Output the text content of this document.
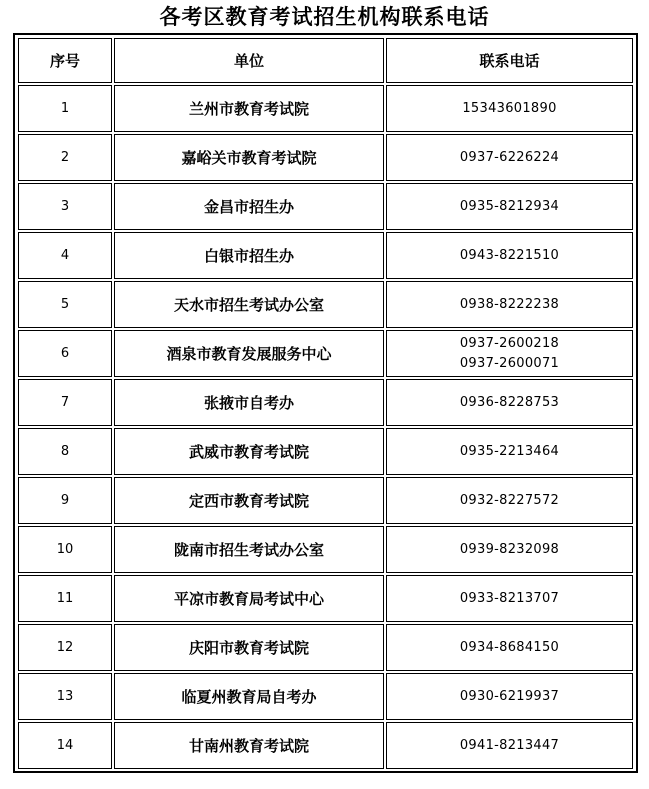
各考区教育考试招生机构联系电话
序号	单位	联系电话
1	兰州市教育考试院	15343601890

2	嘉峪关市教育考试院	0937-6226224

3	金昌市招生办	0935-8212934

4	白银市招生办	0943-8221510

5	天水市招生考试办公室	0938-8222238

6	酒泉市教育发展服务中心	0937-2600218
0937-2600071

7	张掖市自考办	0936-8228753

8	武威市教育考试院	0935-2213464

9	定西市教育考试院	0932-8227572

10	陇南市招生考试办公室	0939-8232098

11	平凉市教育局考试中心	0933-8213707

12	庆阳市教育考试院	0934-8684150

13	临夏州教育局自考办	0930-6219937

14	甘南州教育考试院	0941-8213447
